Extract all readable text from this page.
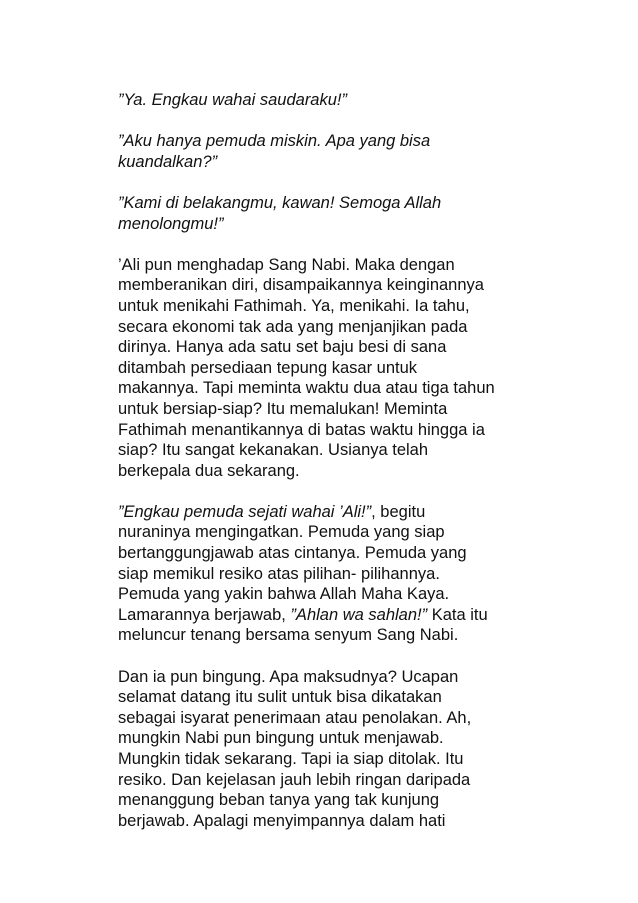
”Ya. Engkau wahai saudaraku!”
”Aku hanya pemuda miskin. Apa yang bisa
kuandalkan?”
”Kami di belakangmu, kawan! Semoga Allah
menolongmu!”
’Ali pun menghadap Sang Nabi. Maka dengan
memberanikan diri, disampaikannya keinginannya
untuk menikahi Fathimah. Ya, menikahi. Ia tahu,
secara ekonomi tak ada yang menjanjikan pada
dirinya. Hanya ada satu set baju besi di sana
ditambah persediaan tepung kasar untuk
makannya. Tapi meminta waktu dua atau tiga tahun
untuk bersiap-siap? Itu memalukan! Meminta
Fathimah menantikannya di batas waktu hingga ia
siap? Itu sangat kekanakan. Usianya telah
berkepala dua sekarang.
”Engkau pemuda sejati wahai ’Ali!”, begitu
nuraninya mengingatkan. Pemuda yang siap
bertanggungjawab atas cintanya. Pemuda yang
siap memikul resiko atas pilihan- pilihannya.
Pemuda yang yakin bahwa Allah Maha Kaya.
Lamarannya berjawab, ”Ahlan wa sahlan!” Kata itu
meluncur tenang bersama senyum Sang Nabi.
Dan ia pun bingung. Apa maksudnya? Ucapan
selamat datang itu sulit untuk bisa dikatakan
sebagai isyarat penerimaan atau penolakan. Ah,
mungkin Nabi pun bingung untuk menjawab.
Mungkin tidak sekarang. Tapi ia siap ditolak. Itu
resiko. Dan kejelasan jauh lebih ringan daripada
menanggung beban tanya yang tak kunjung
berjawab. Apalagi menyimpannya dalam hati
